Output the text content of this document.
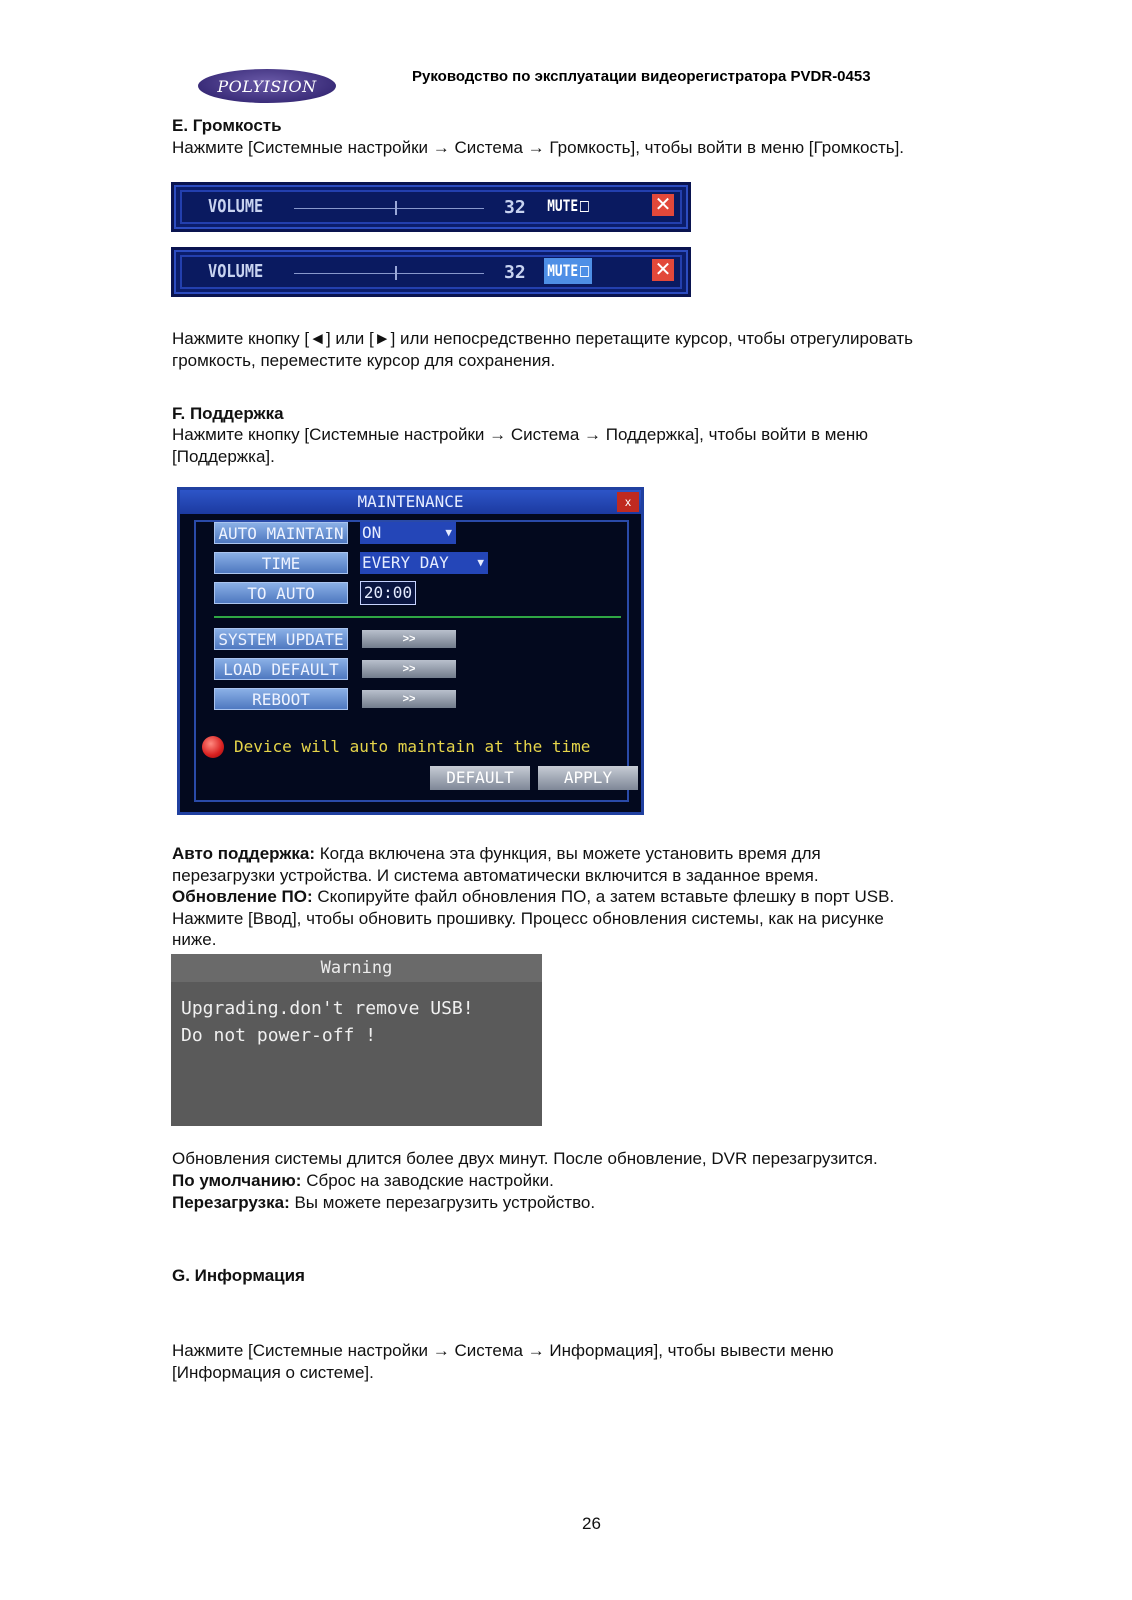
POLYISION	Руководство по эксплуатации видеорегистратора PVDR-0453
E. Громкость
Нажмите [Системные настройки → Система → Громкость], чтобы войти в меню [Громкость].
VOLUME	32 MUTE	✕
VOLUME	32 MUTE	✕
Нажмите кнопку [◄] или [►] или непосредственно перетащите курсор, чтобы отрегулировать
громкость, переместите курсор для сохранения.
F. Поддержка
Нажмите кнопку [Системные настройки → Система → Поддержка], чтобы войти в меню
[Поддержка].
MAINTENANCE	x
AUTO MAINTAIN ON	▼
TIME	EVERY DAY	▼
TO AUTO	20:00
SYSTEM UPDATE	>>
LOAD DEFAULT	>>
REBOOT	>>
Device will auto maintain at the time
DEFAULT	APPLY
Авто поддержка: Когда включена эта функция, вы можете установить время для
перезагрузки устройства. И система автоматически включится в заданное время.
Обновление ПО: Скопируйте файл обновления ПО, а затем вставьте флешку в порт USB.
Нажмите [Ввод], чтобы обновить прошивку. Процесс обновления системы, как на рисунке
ниже.
Warning
Upgrading.don't remove USB!
Do not power-off !
Обновления системы длится более двух минут. После обновление, DVR перезагрузится.
По умолчанию: Сброс на заводские настройки.
Перезагрузка: Вы можете перезагрузить устройство.
G. Информация
Нажмите [Системные настройки → Система → Информация], чтобы вывести меню
[Информация о системе].
26
